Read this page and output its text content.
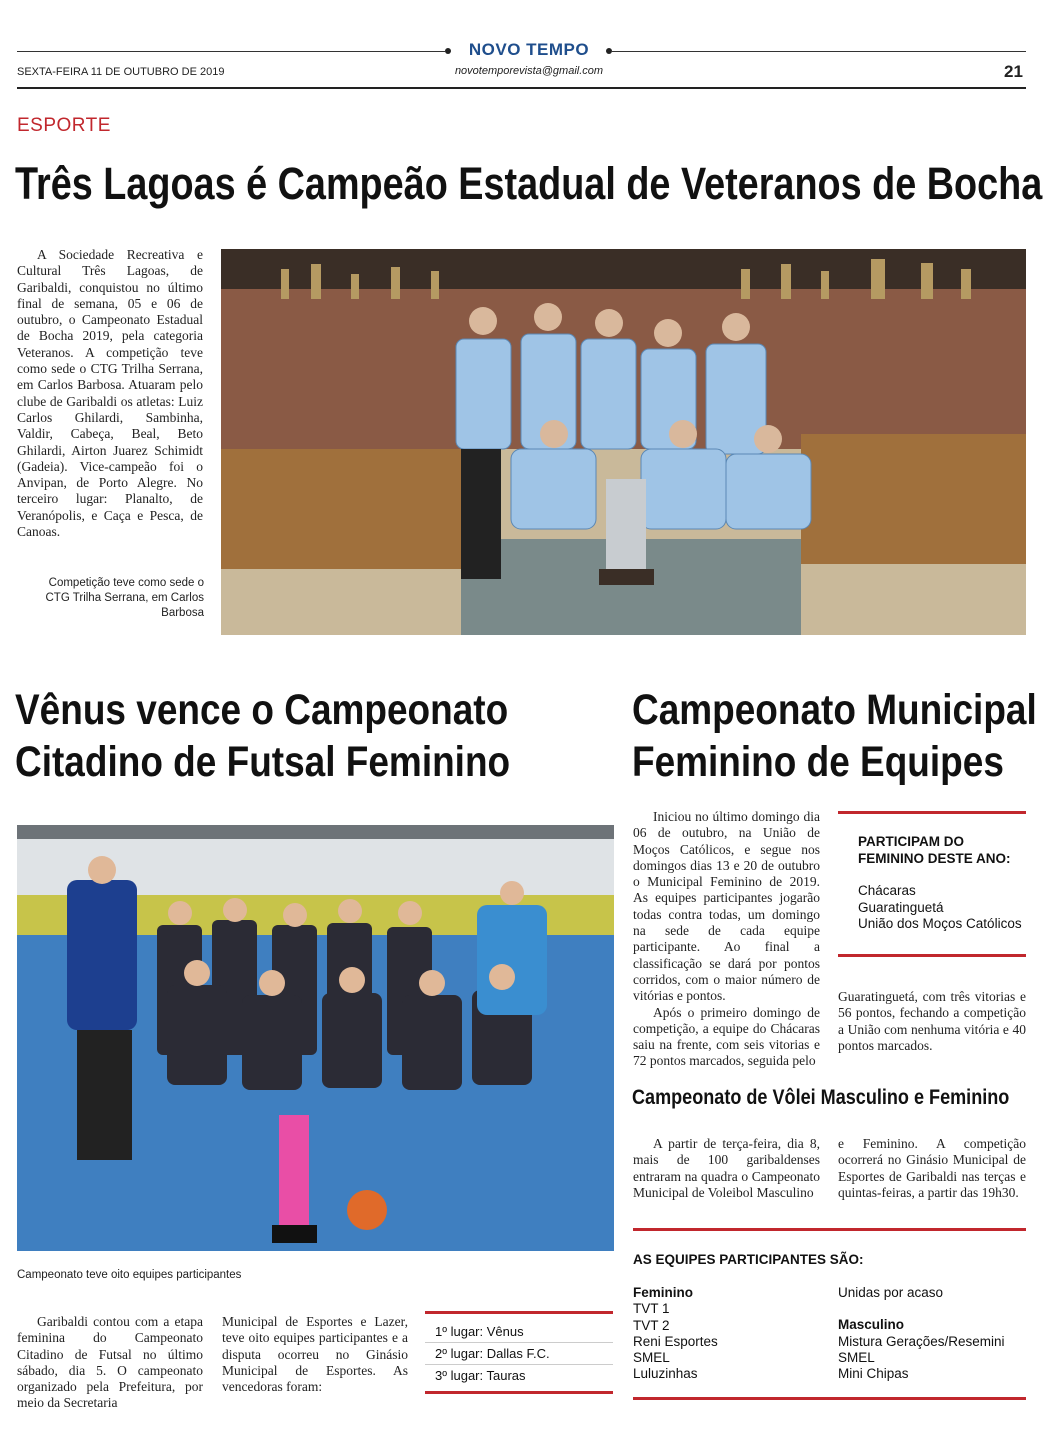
NOVO TEMPO
novotemporevista@gmail.com
SEXTA-FEIRA 11 DE OUTUBRO DE 2019	21
ESPORTE
Três Lagoas é Campeão Estadual de Veteranos de Bocha

A Sociedade Recreativa e Cultural Três Lagoas, de Garibaldi, conquistou no último final de semana, 05 e 06 de outubro, o Campeonato Estadual de Bocha 2019, pela categoria Veteranos. A competição teve como sede o CTG Trilha Serrana, em Carlos Barbosa. Atuaram pelo clube de Garibaldi os atletas: Luiz Carlos Ghilardi, Sambinha, Valdir, Cabeça, Beal, Beto Ghilardi, Airton Juarez Schimidt (Gadeia). Vice-campeão foi o Anvipan, de Porto Alegre. No terceiro lugar: Planalto, de Veranópolis, e Caça e Pesca, de Canoas.

Competição teve como sede o CTG Trilha Serrana, em Carlos Barbosa
Vênus vence o Campeonato
Citadino de Futsal Feminino
Campeonato teve oito equipes participantes

Garibaldi contou com a etapa feminina do Campeonato Citadino de Futsal no último sábado, dia 5. O campeonato organizado pela Prefeitura, por meio da Secretaria

Municipal de Esportes e Lazer, teve oito equipes participantes e a disputa ocorreu no Ginásio Municipal de Esportes. As vencedoras foram:

1º lugar: Vênus
2º lugar: Dallas F.C.
3º lugar: Tauras
Campeonato Municipal
Feminino de Equipes

Iniciou no último domingo dia 06 de outubro, na União de Moços Católicos, e segue nos domingos dias 13 e 20 de outubro o Municipal Feminino de 2019. As equipes participantes jogarão todas contra todas, um domingo na sede de cada equipe participante. Ao final a classificação se dará por pontos corridos, com o maior número de vitórias e pontos.

Após o primeiro domingo de competição, a equipe do Chácaras saiu na frente, com seis vitorias e 72 pontos marcados, seguida pelo

PARTICIPAM DO FEMININO DESTE ANO:
Chácaras
Guaratinguetá
União dos Moços Católicos

Guaratinguetá, com três vitorias e 56 pontos, fechando a competição a União com nenhuma vitória e 40 pontos marcados.

Campeonato de Vôlei Masculino e Feminino

A partir de terça-feira, dia 8, mais de 100 garibaldenses entraram na quadra o Campeonato Municipal de Voleibol Masculino

e Feminino. A competição ocorrerá no Ginásio Municipal de Esportes de Garibaldi nas terças e quintas-feiras, a partir das 19h30.

AS EQUIPES PARTICIPANTES SÃO:
Feminino
TVT 1
TVT 2
Reni Esportes
SMEL
Luluzinhas
Unidas por acaso
Masculino
Mistura Gerações/Resemini
SMEL
Mini Chipas
